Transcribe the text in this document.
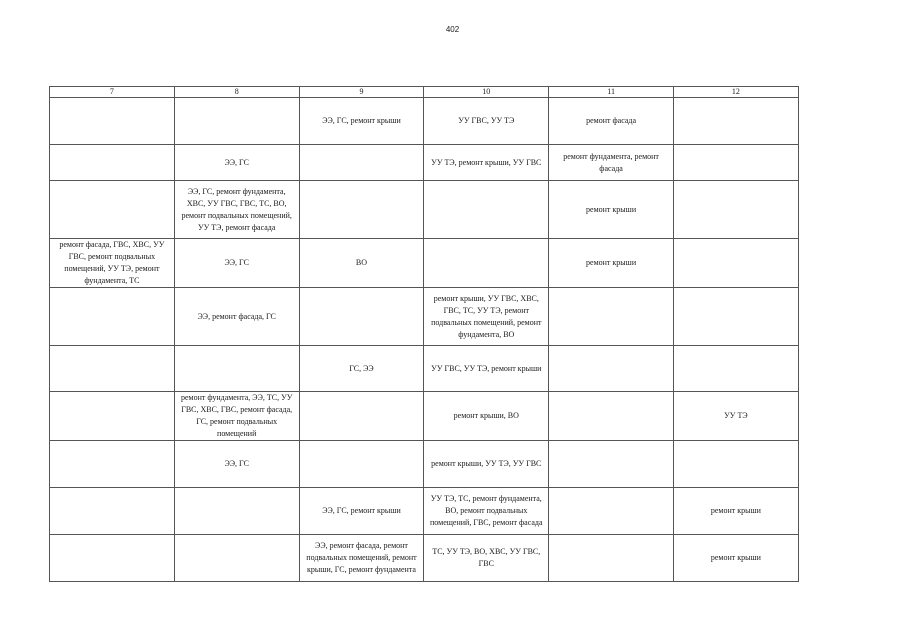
402
7	8	9	10	11	12
		ЭЭ, ГС, ремонт крыши	УУ ГВС, УУ ТЭ	ремонт фасада	
	ЭЭ, ГС		УУ ТЭ, ремонт крыши, УУ ГВС	ремонт фундамента, ремонт фасада	
	ЭЭ, ГС, ремонт фундамента, ХВС, УУ ГВС, ГВС, ТС, ВО, ремонт подвальных помещений, УУ ТЭ, ремонт фасада			ремонт крыши	
ремонт фасада, ГВС, ХВС, УУ ГВС, ремонт подвальных помещений, УУ ТЭ, ремонт фундамента, ТС	ЭЭ, ГС	ВО		ремонт крыши	
	ЭЭ, ремонт фасада, ГС		ремонт крыши, УУ ГВС, ХВС, ГВС, ТС, УУ ТЭ, ремонт подвальных помещений, ремонт фундамента, ВО		
		ГС, ЭЭ	УУ ГВС, УУ ТЭ, ремонт крыши		
	ремонт фундамента, ЭЭ, ТС, УУ ГВС, ХВС, ГВС, ремонт фасада, ГС, ремонт подвальных помещений		ремонт крыши, ВО		УУ ТЭ
	ЭЭ, ГС		ремонт крыши, УУ ТЭ, УУ ГВС		
		ЭЭ, ГС, ремонт крыши	УУ ТЭ, ТС, ремонт фундамента, ВО, ремонт подвальных помещений, ГВС, ремонт фасада		ремонт крыши
		ЭЭ, ремонт фасада, ремонт подвальных помещений, ремонт крыши, ГС, ремонт фундамента	ТС, УУ ТЭ, ВО, ХВС, УУ ГВС, ГВС		ремонт крыши
